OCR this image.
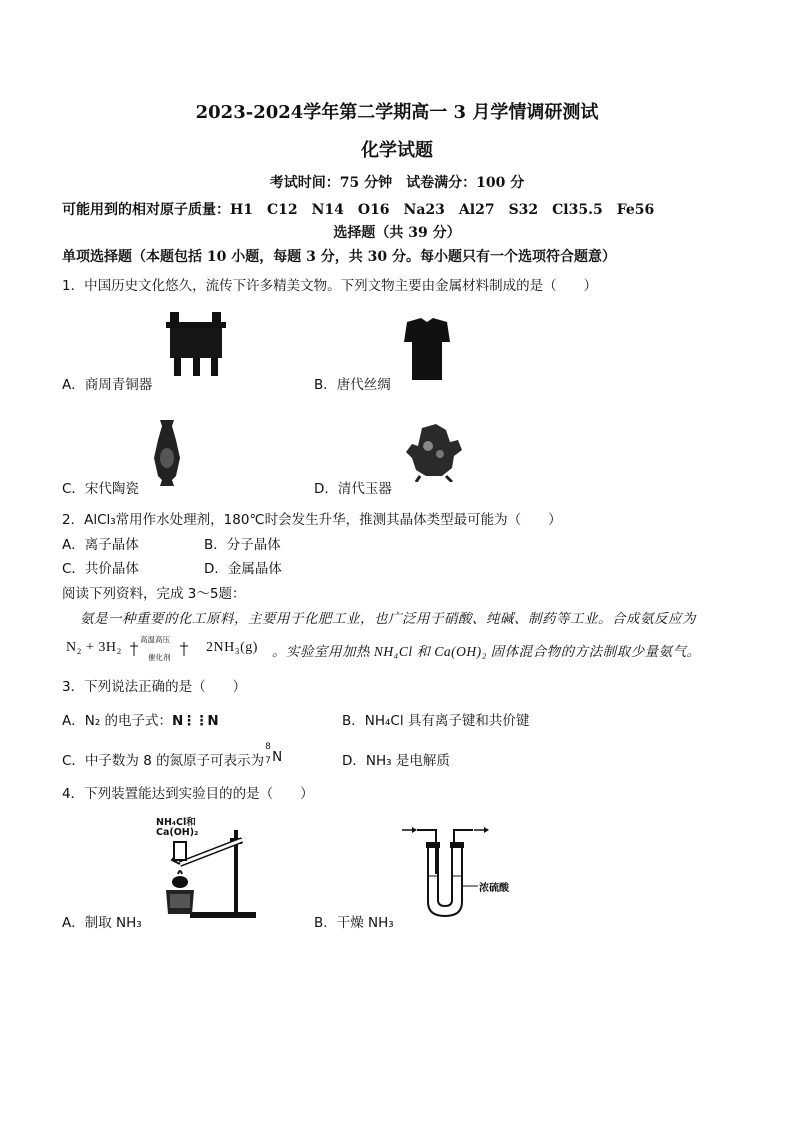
2023-2024学年第二学期高一 3 月学情调研测试
化学试题
考试时间：75 分钟　试卷满分：100 分
可能用到的相对原子质量：H1　C12　N14　O16　Na23　Al27　S32　Cl35.5　Fe56
选择题（共 39 分）
单项选择题（本题包括 10 小题，每题 3 分，共 30 分。每小题只有一个选项符合题意）
1．中国历史文化悠久，流传下许多精美文物。下列文物主要由金属材料制成的是（　　）
A．商周青铜器	B．唐代丝绸
C．宋代陶瓷	D．清代玉器
2．AlCl₃常用作水处理剂，180℃时会发生升华，推测其晶体类型最可能为（　　）
A．离子晶体	B．分子晶体
C．共价晶体	D．金属晶体
阅读下列资料，完成 3～5题：
氨是一种重要的化工原料，主要用于化肥工业，也广泛用于硝酸、纯碱、制药等工业。合成氨反应为
N₂ + 3H₂
高温高压
催化剂
2NH₃(g) 。实验室用加热 NH₄Cl 和 Ca(OH)₂ 固体混合物的方法制取少量氨气。
3．下列说法正确的是（　　）
A．N₂ 的电子式：N⋮⋮N	B．NH₄Cl 具有离子键和共价键
C．中子数为 8 的氮原子可表示为
8
7 N	D．NH₃ 是电解质
4．下列装置能达到实验目的的是（　　）
NH₄Cl和
Ca(OH)₂
浓硫酸
A．制取 NH₃	B．干燥 NH₃
